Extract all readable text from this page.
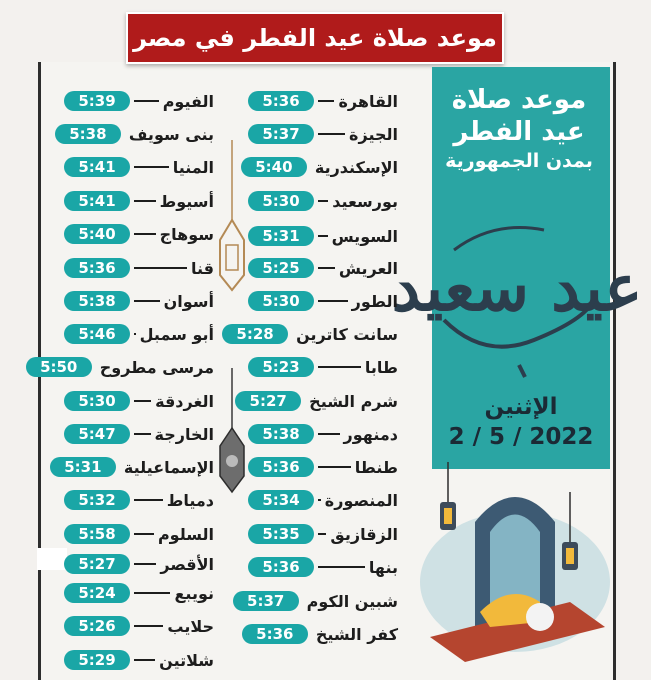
موعد صلاة عيد الفطر في مصر
موعد صلاة
عيد الفطر
بمدن الجمهورية
عيد سعيد
الإثنين
2 / 5 / 2022
القاهرة
5:36
الجيزة
5:37
الإسكندرية
5:40
بورسعيد
5:30
السويس
5:31
العريش
5:25
الطور
5:30
سانت كاترين
5:28
طابا
5:23
شرم الشيخ
5:27
دمنهور
5:38
طنطا
5:36
المنصورة
5:34
الزقازيق
5:35
بنها
5:36
شبين الكوم
5:37
كفر الشيخ
5:36
الفيوم
5:39
بنى سويف
5:38
المنيا
5:41
أسيوط
5:41
سوهاج
5:40
قنا
5:36
أسوان
5:38
أبو سمبل
5:46
مرسى مطروح
5:50
الغردقة
5:30
الخارجة
5:47
الإسماعيلية
5:31
دمياط
5:32
السلوم
5:58
الأقصر
5:27
نويبع
5:24
حلايب
5:26
شلاتين
5:29
